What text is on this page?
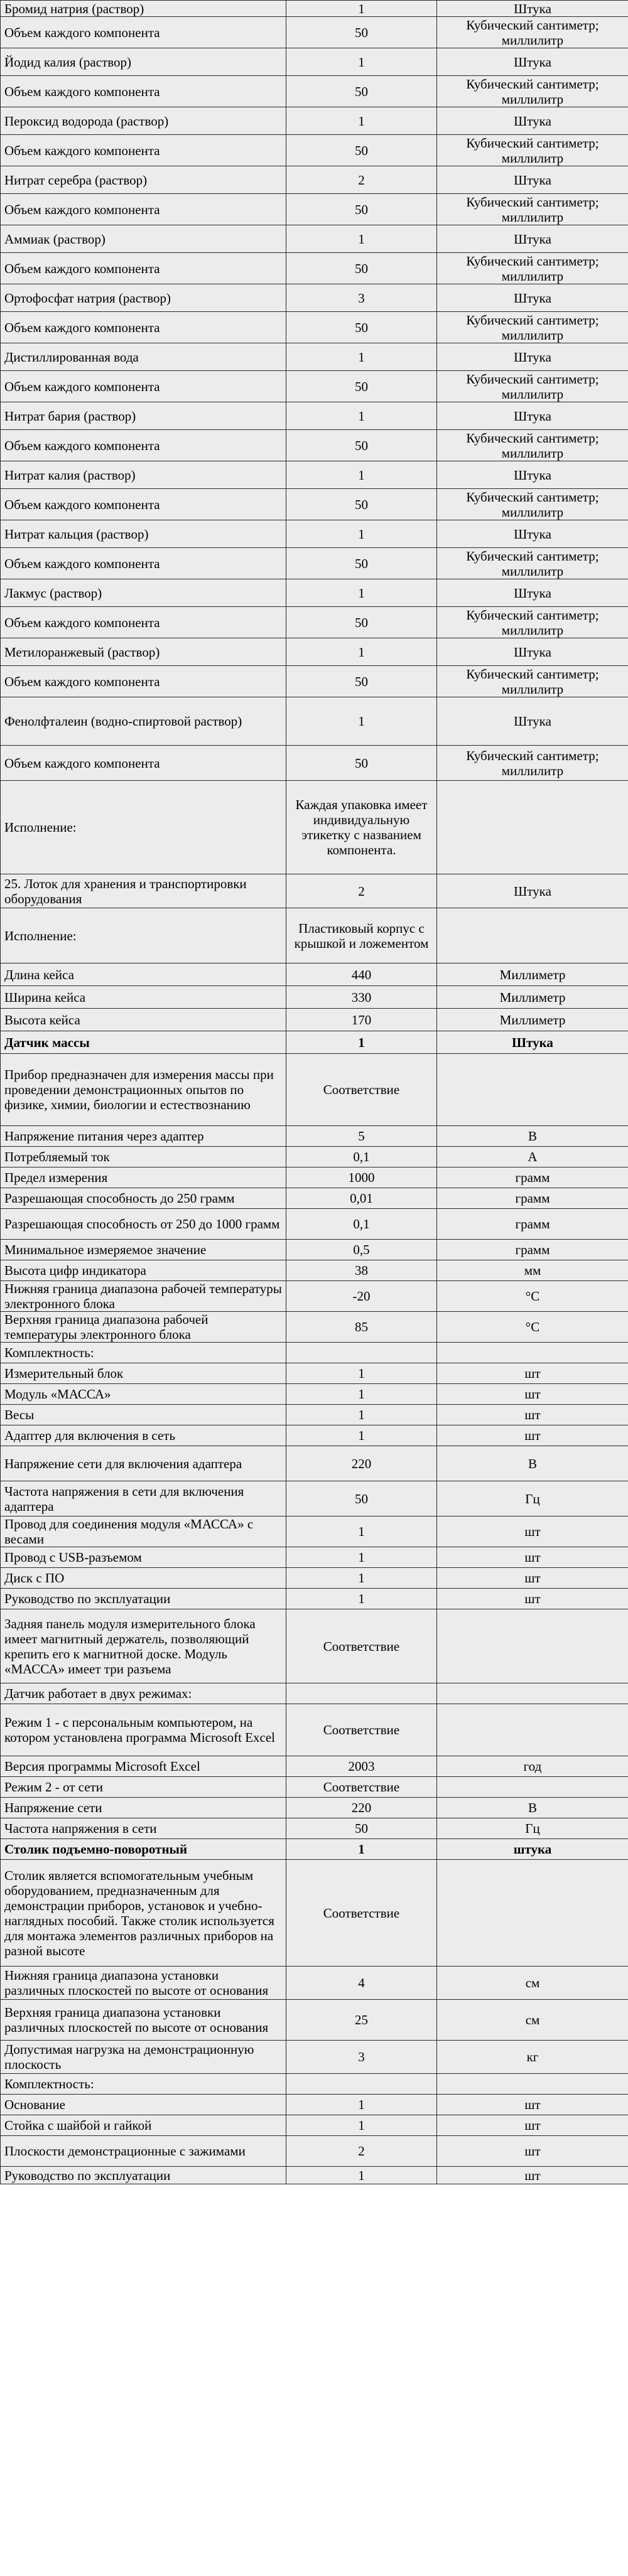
Бромид натрия (раствор)	1	Штука
Объем каждого компонента	50	Кубический сантиметр; миллилитр
Йодид калия (раствор)	1	Штука
Объем каждого компонента	50	Кубический сантиметр; миллилитр
Пероксид водорода (раствор)	1	Штука
Объем каждого компонента	50	Кубический сантиметр; миллилитр
Нитрат серебра (раствор)	2	Штука
Объем каждого компонента	50	Кубический сантиметр; миллилитр
Аммиак (раствор)	1	Штука
Объем каждого компонента	50	Кубический сантиметр; миллилитр
Ортофосфат натрия (раствор)	3	Штука
Объем каждого компонента	50	Кубический сантиметр; миллилитр
Дистиллированная вода	1	Штука
Объем каждого компонента	50	Кубический сантиметр; миллилитр
Нитрат бария (раствор)	1	Штука
Объем каждого компонента	50	Кубический сантиметр; миллилитр
Нитрат калия (раствор)	1	Штука
Объем каждого компонента	50	Кубический сантиметр; миллилитр
Нитрат кальция (раствор)	1	Штука
Объем каждого компонента	50	Кубический сантиметр; миллилитр
Лакмус (раствор)	1	Штука
Объем каждого компонента	50	Кубический сантиметр; миллилитр
Метилоранжевый (раствор)	1	Штука
Объем каждого компонента	50	Кубический сантиметр; миллилитр
Фенолфталеин (водно-спиртовой раствор)	1	Штука
Объем каждого компонента	50	Кубический сантиметр; миллилитр
Исполнение:	Каждая упаковка имеет индивидуальную этикетку с названием компонента.	
25. Лоток для хранения и транспортировки оборудования	2	Штука
Исполнение:	Пластиковый корпус с крышкой и ложементом	
Длина кейса	440	Миллиметр
Ширина кейса	330	Миллиметр
Высота кейса	170	Миллиметр
Датчик массы	1	Штука
Прибор предназначен для измерения массы при проведении демонстрационных опытов по физике, химии, биологии и естествознанию	Соответствие	
Напряжение питания через адаптер	5	В
Потребляемый ток	0,1	А
Предел измерения	1000	грамм
Разрешающая способность до 250 грамм	0,01	грамм
Разрешающая способность от 250 до 1000 грамм	0,1	грамм
Минимальное измеряемое значение	0,5	грамм
Высота цифр индикатора	38	мм
Нижняя граница диапазона рабочей температуры электронного блока	-20	°С
Верхняя граница диапазона рабочей температуры электронного блока	85	°С
Комплектность:		
Измерительный блок	1	шт
Модуль «МАССА»	1	шт
Весы	1	шт
Адаптер для включения в сеть	1	шт
Напряжение сети для включения адаптера	220	В
Частота напряжения в сети для включения адаптера	50	Гц
Провод для соединения модуля «МАССА» с весами	1	шт
Провод с USB-разъемом	1	шт
Диск с ПО	1	шт
Руководство по эксплуатации	1	шт
Задняя панель модуля измерительного блока имеет магнитный держатель, позволяющий крепить его к магнитной доске. Модуль «МАССА» имеет три разъема	Соответствие	
Датчик работает в двух режимах:		
Режим 1 - с персональным компьютером, на котором установлена программа Microsoft Excel	Соответствие	
Версия программы Microsoft Excel	2003	год
Режим 2 - от сети	Соответствие	
Напряжение сети	220	В
Частота напряжения в сети	50	Гц
Столик подъемно-поворотный	1	штука
Столик является вспомогательным учебным оборудованием, предназначенным для демонстрации приборов, установок и учебно-наглядных пособий. Также столик используется для монтажа элементов различных приборов на разной высоте	Соответствие	
Нижняя граница диапазона установки различных плоскостей по высоте от основания	4	см
Верхняя граница диапазона установки различных плоскостей по высоте от основания	25	см
Допустимая нагрузка на демонстрационную плоскость	3	кг
Комплектность:		
Основание	1	шт
Стойка с шайбой и гайкой	1	шт
Плоскости демонстрационные с зажимами	2	шт
Руководство по эксплуатации	1	шт
